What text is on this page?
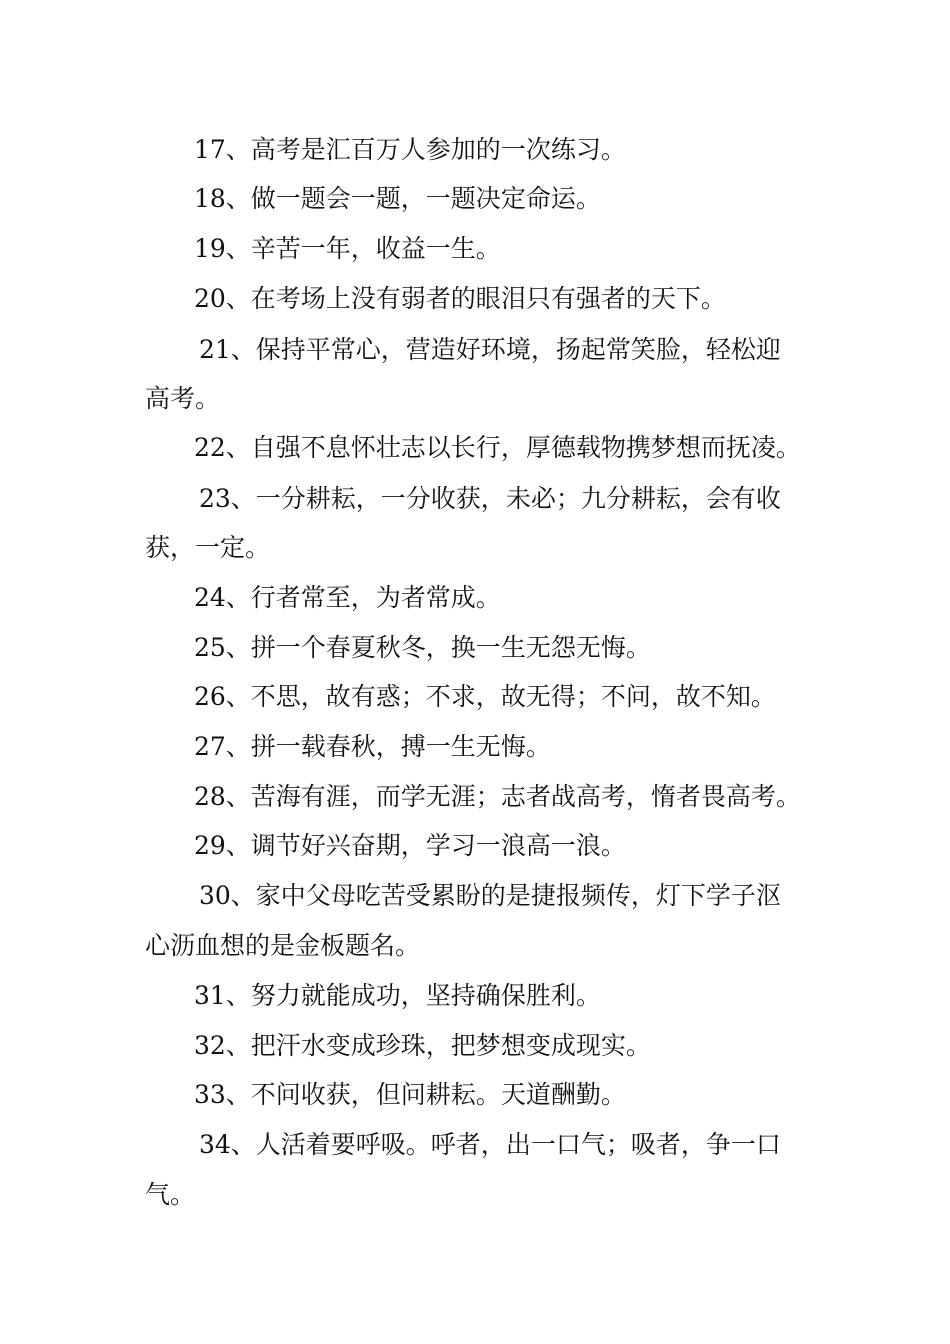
17、高考是汇百万人参加的一次练习。
18、做一题会一题，一题决定命运。
19、辛苦一年，收益一生。
20、在考场上没有弱者的眼泪只有强者的天下。
21、保持平常心，营造好环境，扬起常笑脸，轻松迎
高考。
22、自强不息怀壮志以长行，厚德载物携梦想而抚凌。
23、一分耕耘，一分收获，未必；九分耕耘，会有收
获，一定。
24、行者常至，为者常成。
25、拼一个春夏秋冬，换一生无怨无悔。
26、不思，故有惑；不求，故无得；不问，故不知。
27、拼一载春秋，搏一生无悔。
28、苦海有涯，而学无涯；志者战高考，惰者畏高考。
29、调节好兴奋期，学习一浪高一浪。
30、家中父母吃苦受累盼的是捷报频传，灯下学子沤
心沥血想的是金板题名。
31、努力就能成功，坚持确保胜利。
32、把汗水变成珍珠，把梦想变成现实。
33、不问收获，但问耕耘。天道酬勤。
34、人活着要呼吸。呼者，出一口气；吸者，争一口
气。
